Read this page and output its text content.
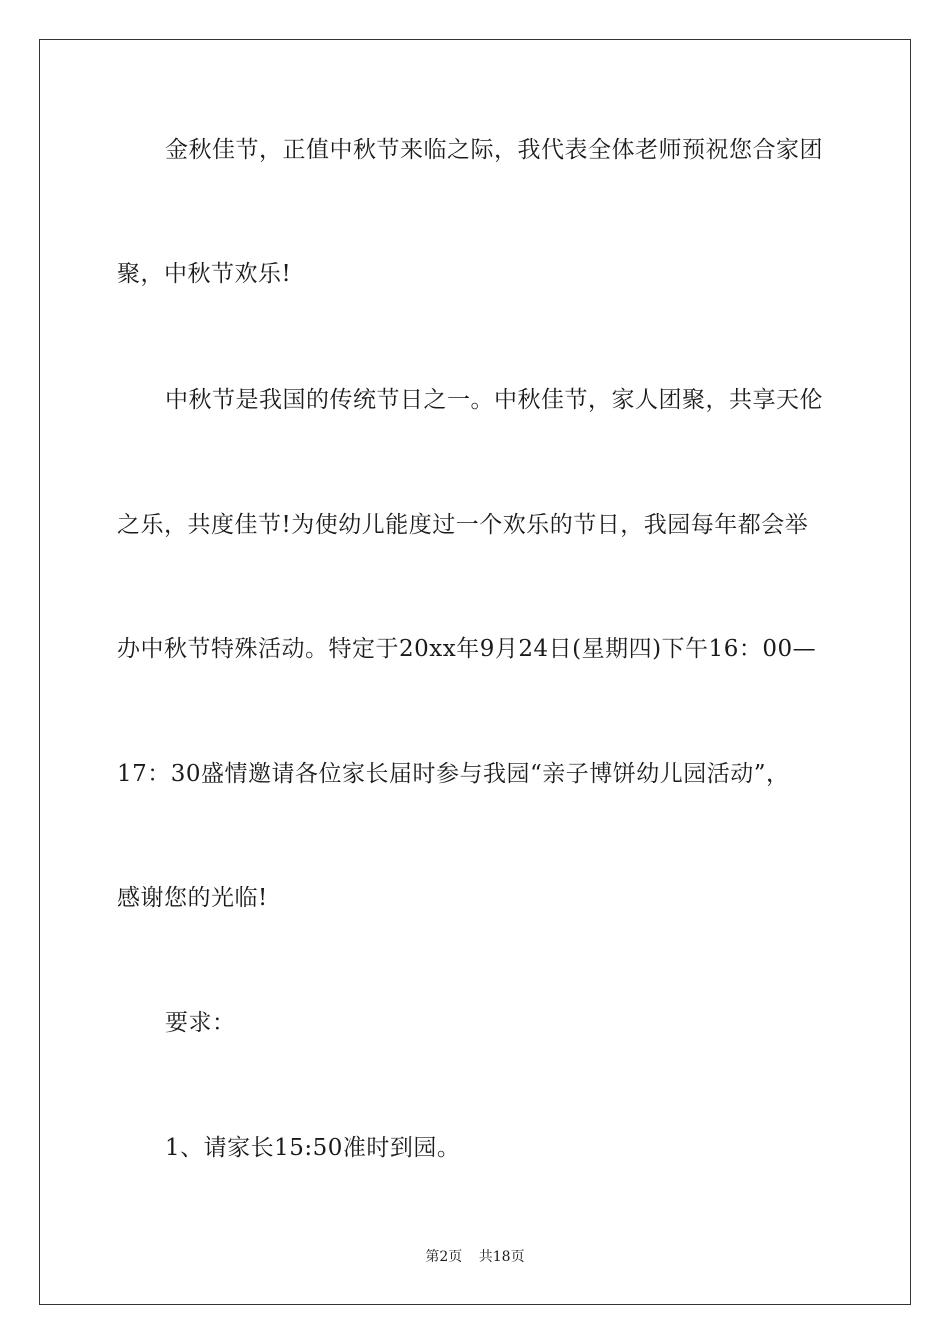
金秋佳节，正值中秋节来临之际，我代表全体老师预祝您合家团
聚，中秋节欢乐!
中秋节是我国的传统节日之一。中秋佳节，家人团聚，共享天伦
之乐，共度佳节!为使幼儿能度过一个欢乐的节日，我园每年都会举
办中秋节特殊活动。特定于20xx年9月24日(星期四)下午16：00—
17：30盛情邀请各位家长届时参与我园“亲子博饼幼儿园活动”，
感谢您的光临!
要求：
1、请家长15:50准时到园。
第2页 共18页
